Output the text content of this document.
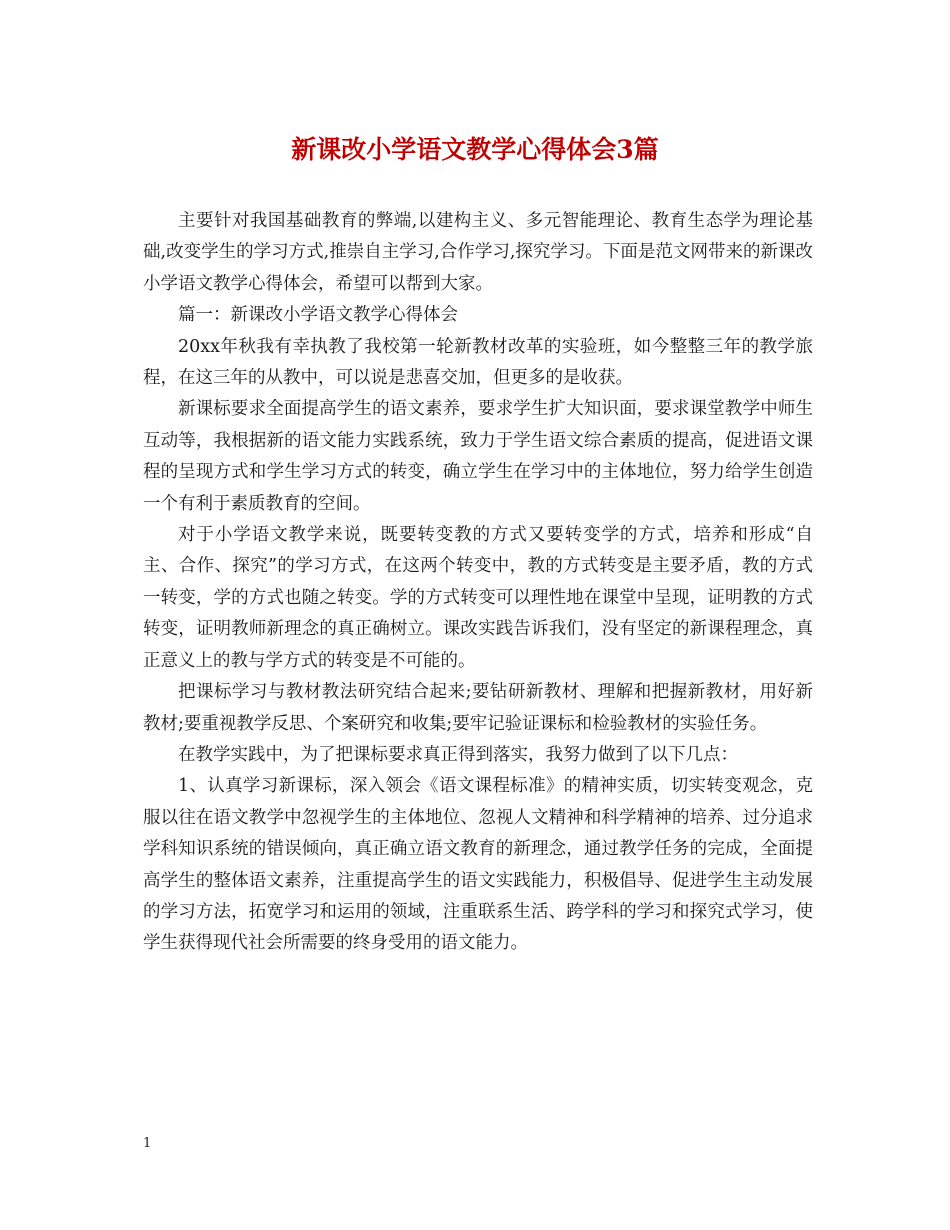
新课改小学语文教学心得体会3篇

主要针对我国基础教育的弊端,以建构主义、多元智能理论、教育生态学为理论基础,改变学生的学习方式,推崇自主学习,合作学习,探究学习。下面是范文网带来的新课改小学语文教学心得体会，希望可以帮到大家。

篇一：新课改小学语文教学心得体会

20xx年秋我有幸执教了我校第一轮新教材改革的实验班，如今整整三年的教学旅程，在这三年的从教中，可以说是悲喜交加，但更多的是收获。

新课标要求全面提高学生的语文素养，要求学生扩大知识面，要求课堂教学中师生互动等，我根据新的语文能力实践系统，致力于学生语文综合素质的提高，促进语文课程的呈现方式和学生学习方式的转变，确立学生在学习中的主体地位，努力给学生创造一个有利于素质教育的空间。

对于小学语文教学来说，既要转变教的方式又要转变学的方式，培养和形成“自主、合作、探究”的学习方式，在这两个转变中，教的方式转变是主要矛盾，教的方式一转变，学的方式也随之转变。学的方式转变可以理性地在课堂中呈现，证明教的方式转变，证明教师新理念的真正确树立。课改实践告诉我们，没有坚定的新课程理念，真正意义上的教与学方式的转变是不可能的。

把课标学习与教材教法研究结合起来;要钻研新教材、理解和把握新教材，用好新教材;要重视教学反思、个案研究和收集;要牢记验证课标和检验教材的实验任务。

在教学实践中，为了把课标要求真正得到落实，我努力做到了以下几点：

1、认真学习新课标，深入领会《语文课程标准》的精神实质，切实转变观念，克服以往在语文教学中忽视学生的主体地位、忽视人文精神和科学精神的培养、过分追求学科知识系统的错误倾向，真正确立语文教育的新理念，通过教学任务的完成，全面提高学生的整体语文素养，注重提高学生的语文实践能力，积极倡导、促进学生主动发展的学习方法，拓宽学习和运用的领域，注重联系生活、跨学科的学习和探究式学习，使学生获得现代社会所需要的终身受用的语文能力。

1
